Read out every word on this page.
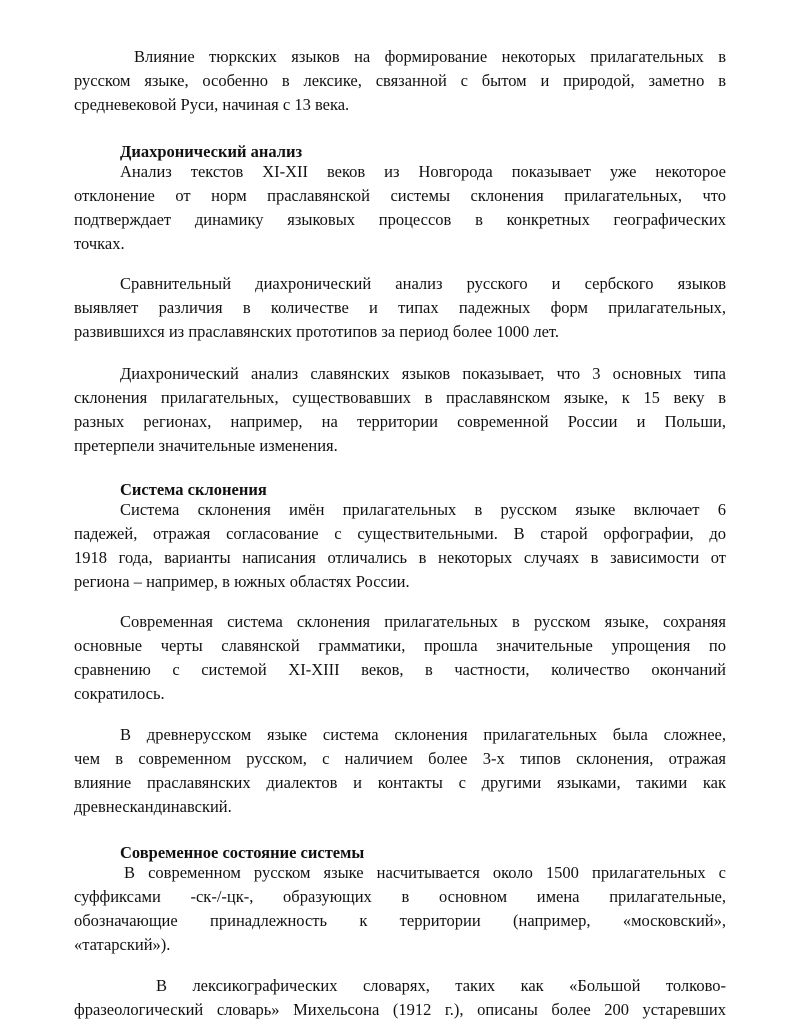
Влияние тюркских языков на формирование некоторых прилагательных в
русском языке, особенно в лексике, связанной с бытом и природой, заметно в
средневековой Руси, начиная с 13 века.
Диахронический анализ
Анализ текстов XI-XII веков из Новгорода показывает уже некоторое
отклонение от норм праславянской системы склонения прилагательных, что
подтверждает динамику языковых процессов в конкретных географических
точках.
Сравнительный диахронический анализ русского и сербского языков
выявляет различия в количестве и типах падежных форм прилагательных,
развившихся из праславянских прототипов за период более 1000 лет.
Диахронический анализ славянских языков показывает, что 3 основных типа
склонения прилагательных, существовавших в праславянском языке, к 15 веку в
разных регионах, например, на территории современной России и Польши,
претерпели значительные изменения.
Система склонения
Система склонения имён прилагательных в русском языке включает 6
падежей, отражая согласование с существительными. В старой орфографии, до
1918 года, варианты написания отличались в некоторых случаях в зависимости от
региона – например, в южных областях России.
Современная система склонения прилагательных в русском языке, сохраняя
основные черты славянской грамматики, прошла значительные упрощения по
сравнению с системой XI-XIII веков, в частности, количество окончаний
сократилось.
В древнерусском языке система склонения прилагательных была сложнее,
чем в современном русском, с наличием более 3-х типов склонения, отражая
влияние праславянских диалектов и контакты с другими языками, такими как
древнескандинавский.
Современное состояние системы
В современном русском языке насчитывается около 1500 прилагательных с
суффиксами -ск-/-цк-, образующих в основном имена прилагательные,
обозначающие принадлежность к территории (например, «московский»,
«татарский»).
В лексикографических словарях, таких как «Большой толково-
фразеологический словарь» Михельсона (1912 г.), описаны более 200 устаревших
